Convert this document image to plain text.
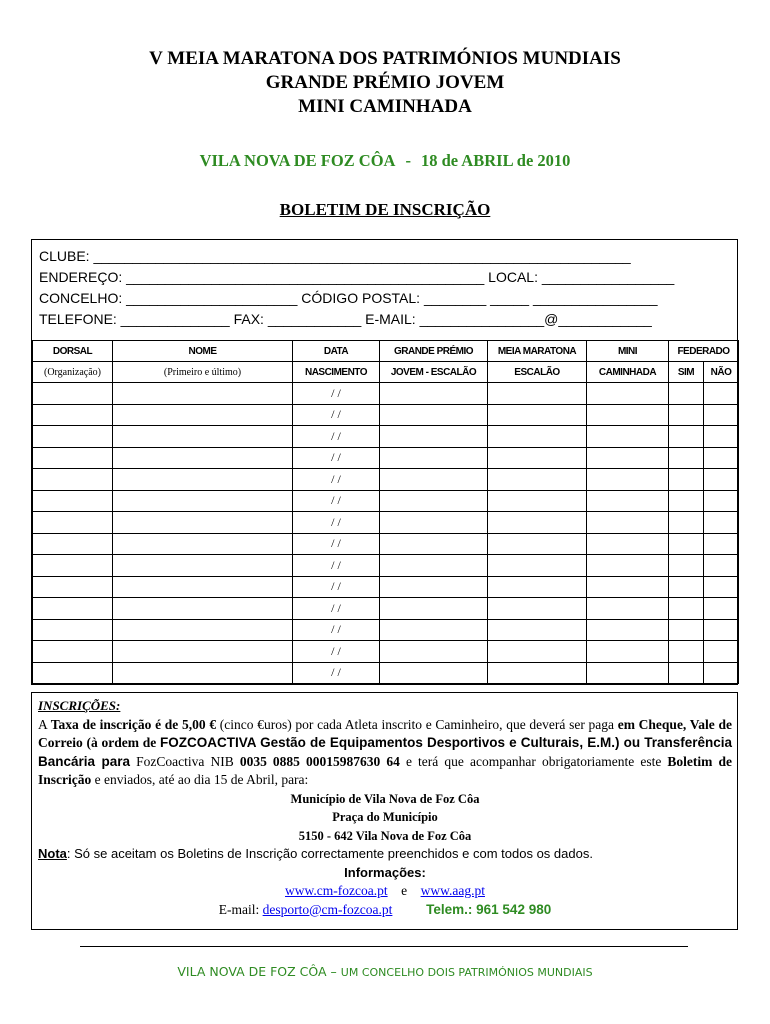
V MEIA MARATONA DOS PATRIMÓNIOS MUNDIAIS
GRANDE PRÉMIO JOVEM
MINI CAMINHADA
VILA NOVA DE FOZ CÔA - 18 de ABRIL de 2010
BOLETIM DE INSCRIÇÃO
CLUBE: _____________________________________________________________________
ENDEREÇO: ______________________________________________ LOCAL: _________________
CONCELHO: ______________________ CÓDIGO POSTAL: ________ _____ ________________
TELEFONE: ______________ FAX: ____________ E-MAIL: ________________@____________
DORSAL	NOME	DATA	GRANDE PRÉMIO	MEIA MARATONA	MINI	FEDERADO	
(Organização)	(Primeiro e último)	NASCIMENTO	JOVEM - ESCALÃO	ESCALÃO	CAMINHADA	SIM	NÃO
		/ /					
		/ /					
		/ /					
		/ /					
		/ /					
		/ /					
		/ /					
		/ /					
		/ /					
		/ /					
		/ /					
		/ /					
		/ /					
		/ /					
INSCRIÇÕES:
A Taxa de inscrição é de 5,00 € (cinco €uros) por cada Atleta inscrito e Caminheiro, que deverá ser paga em Cheque, Vale de Correio (à ordem de FOZCOACTIVA Gestão de Equipamentos Desportivos e Culturais, E.M.) ou Transferência Bancária para FozCoactiva NIB 0035 0885 00015987630 64 e terá que acompanhar obrigatoriamente este Boletim de Inscrição e enviados, até ao dia 15 de Abril, para:
Município de Vila Nova de Foz Côa
Praça do Município
5150 - 642 Vila Nova de Foz Côa
Nota: Só se aceitam os Boletins de Inscrição correctamente preenchidos e com todos os dados.
Informações:
www.cm-fozcoa.pt e www.aag.pt
E-mail: desporto@cm-fozcoa.pt	Telem.: 961 542 980
VILA NOVA DE FOZ CÔA – UM CONCELHO DOIS PATRIMÓNIOS MUNDIAIS
